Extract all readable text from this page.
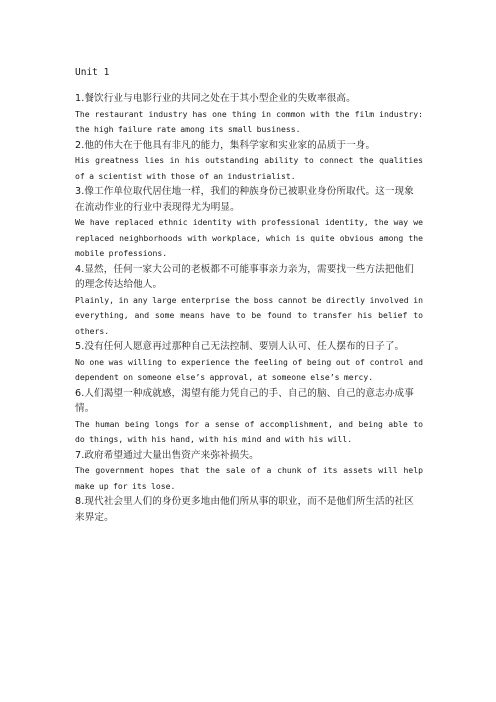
Unit 1

1.餐饮行业与电影行业的共同之处在于其小型企业的失败率很高。

The restaurant industry has one thing in common with the film industry: the high failure rate among its small business.

2.他的伟大在于他具有非凡的能力，集科学家和实业家的品质于一身。

His greatness lies in his outstanding ability to connect the qualities of a scientist with those of an industrialist.

3.像工作单位取代居住地一样，我们的种族身份已被职业身份所取代。这一现象在流动作业的行业中表现得尤为明显。

We have replaced ethnic identity with professional identity, the way we replaced neighborhoods with workplace, which is quite obvious among the mobile professions.

4.显然，任何一家大公司的老板都不可能事事亲力亲为，需要找一些方法把他们的理念传达给他人。

Plainly, in any large enterprise the boss cannot be directly involved in everything, and some means have to be found to transfer his belief to others.

5.没有任何人愿意再过那种自己无法控制、要别人认可、任人摆布的日子了。

No one was willing to experience the feeling of being out of control and dependent on someone else’s approval, at someone else’s mercy.

6.人们渴望一种成就感，渴望有能力凭自己的手、自己的脑、自己的意志办成事情。

The human being longs for a sense of accomplishment, and being able to do things, with his hand, with his mind and with his will.

7.政府希望通过大量出售资产来弥补损失。

The government hopes that the sale of a chunk of its assets will help make up for its lose.

8.现代社会里人们的身份更多地由他们所从事的职业，而不是他们所生活的社区来界定。
